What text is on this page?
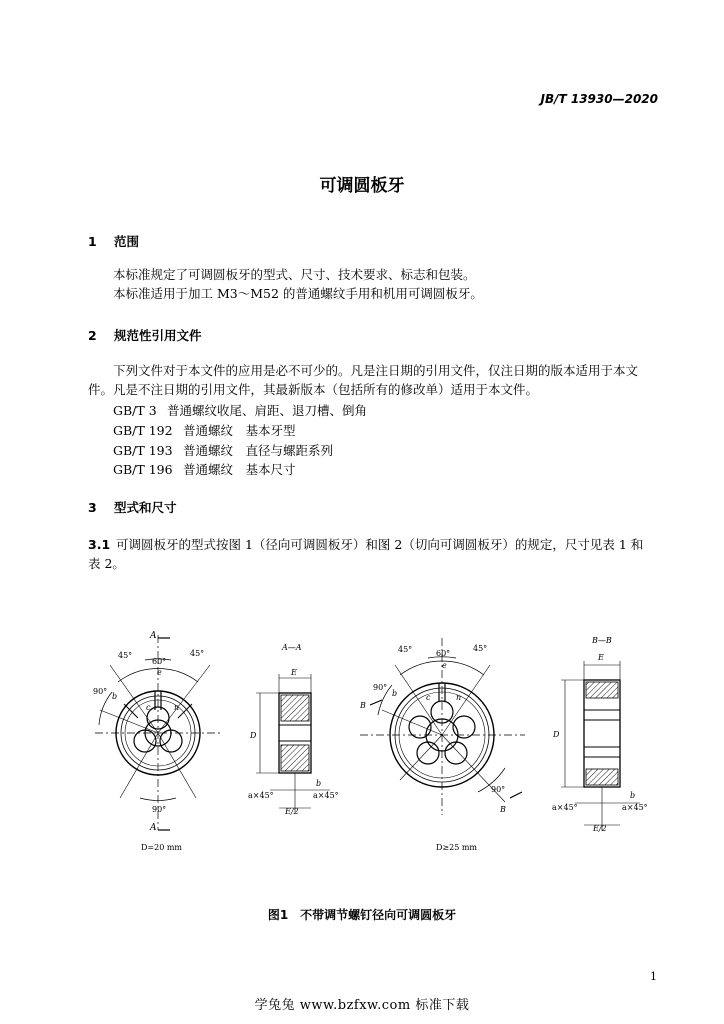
JB/T 13930—2020
可调圆板牙
1 范围
本标准规定了可调圆板牙的型式、尺寸、技术要求、标志和包装。
本标准适用于加工 M3～M52 的普通螺纹手用和机用可调圆板牙。
2 规范性引用文件
下列文件对于本文件的应用是必不可少的。凡是注日期的引用文件，仅注日期的版本适用于本文
件。凡是不注日期的引用文件，其最新版本（包括所有的修改单）适用于本文件。
GB/T 3 普通螺纹收尾、肩距、退刀槽、倒角
GB/T 192 普通螺纹　基本牙型
GB/T 193 普通螺纹　直径与螺距系列
GB/T 196 普通螺纹　基本尺寸
3 型式和尺寸
3.1 可调圆板牙的型式按图 1（径向可调圆板牙）和图 2（切向可调圆板牙）的规定，尺寸见表 1 和
表 2。
A
A
45°
60°
45°
90°
90°
e
b
c	n
A—A
E
D
b
a×45°	a×45°
E/2
45°	60°
45°
90°
90°
e
b	c	n
B
B
B—B
E
D
b
a×45°	a×45°
E/2
D=20 mm	D≥25 mm
图1　不带调节螺钉径向可调圆板牙
1
学兔兔 www.bzfxw.com 标准下载
